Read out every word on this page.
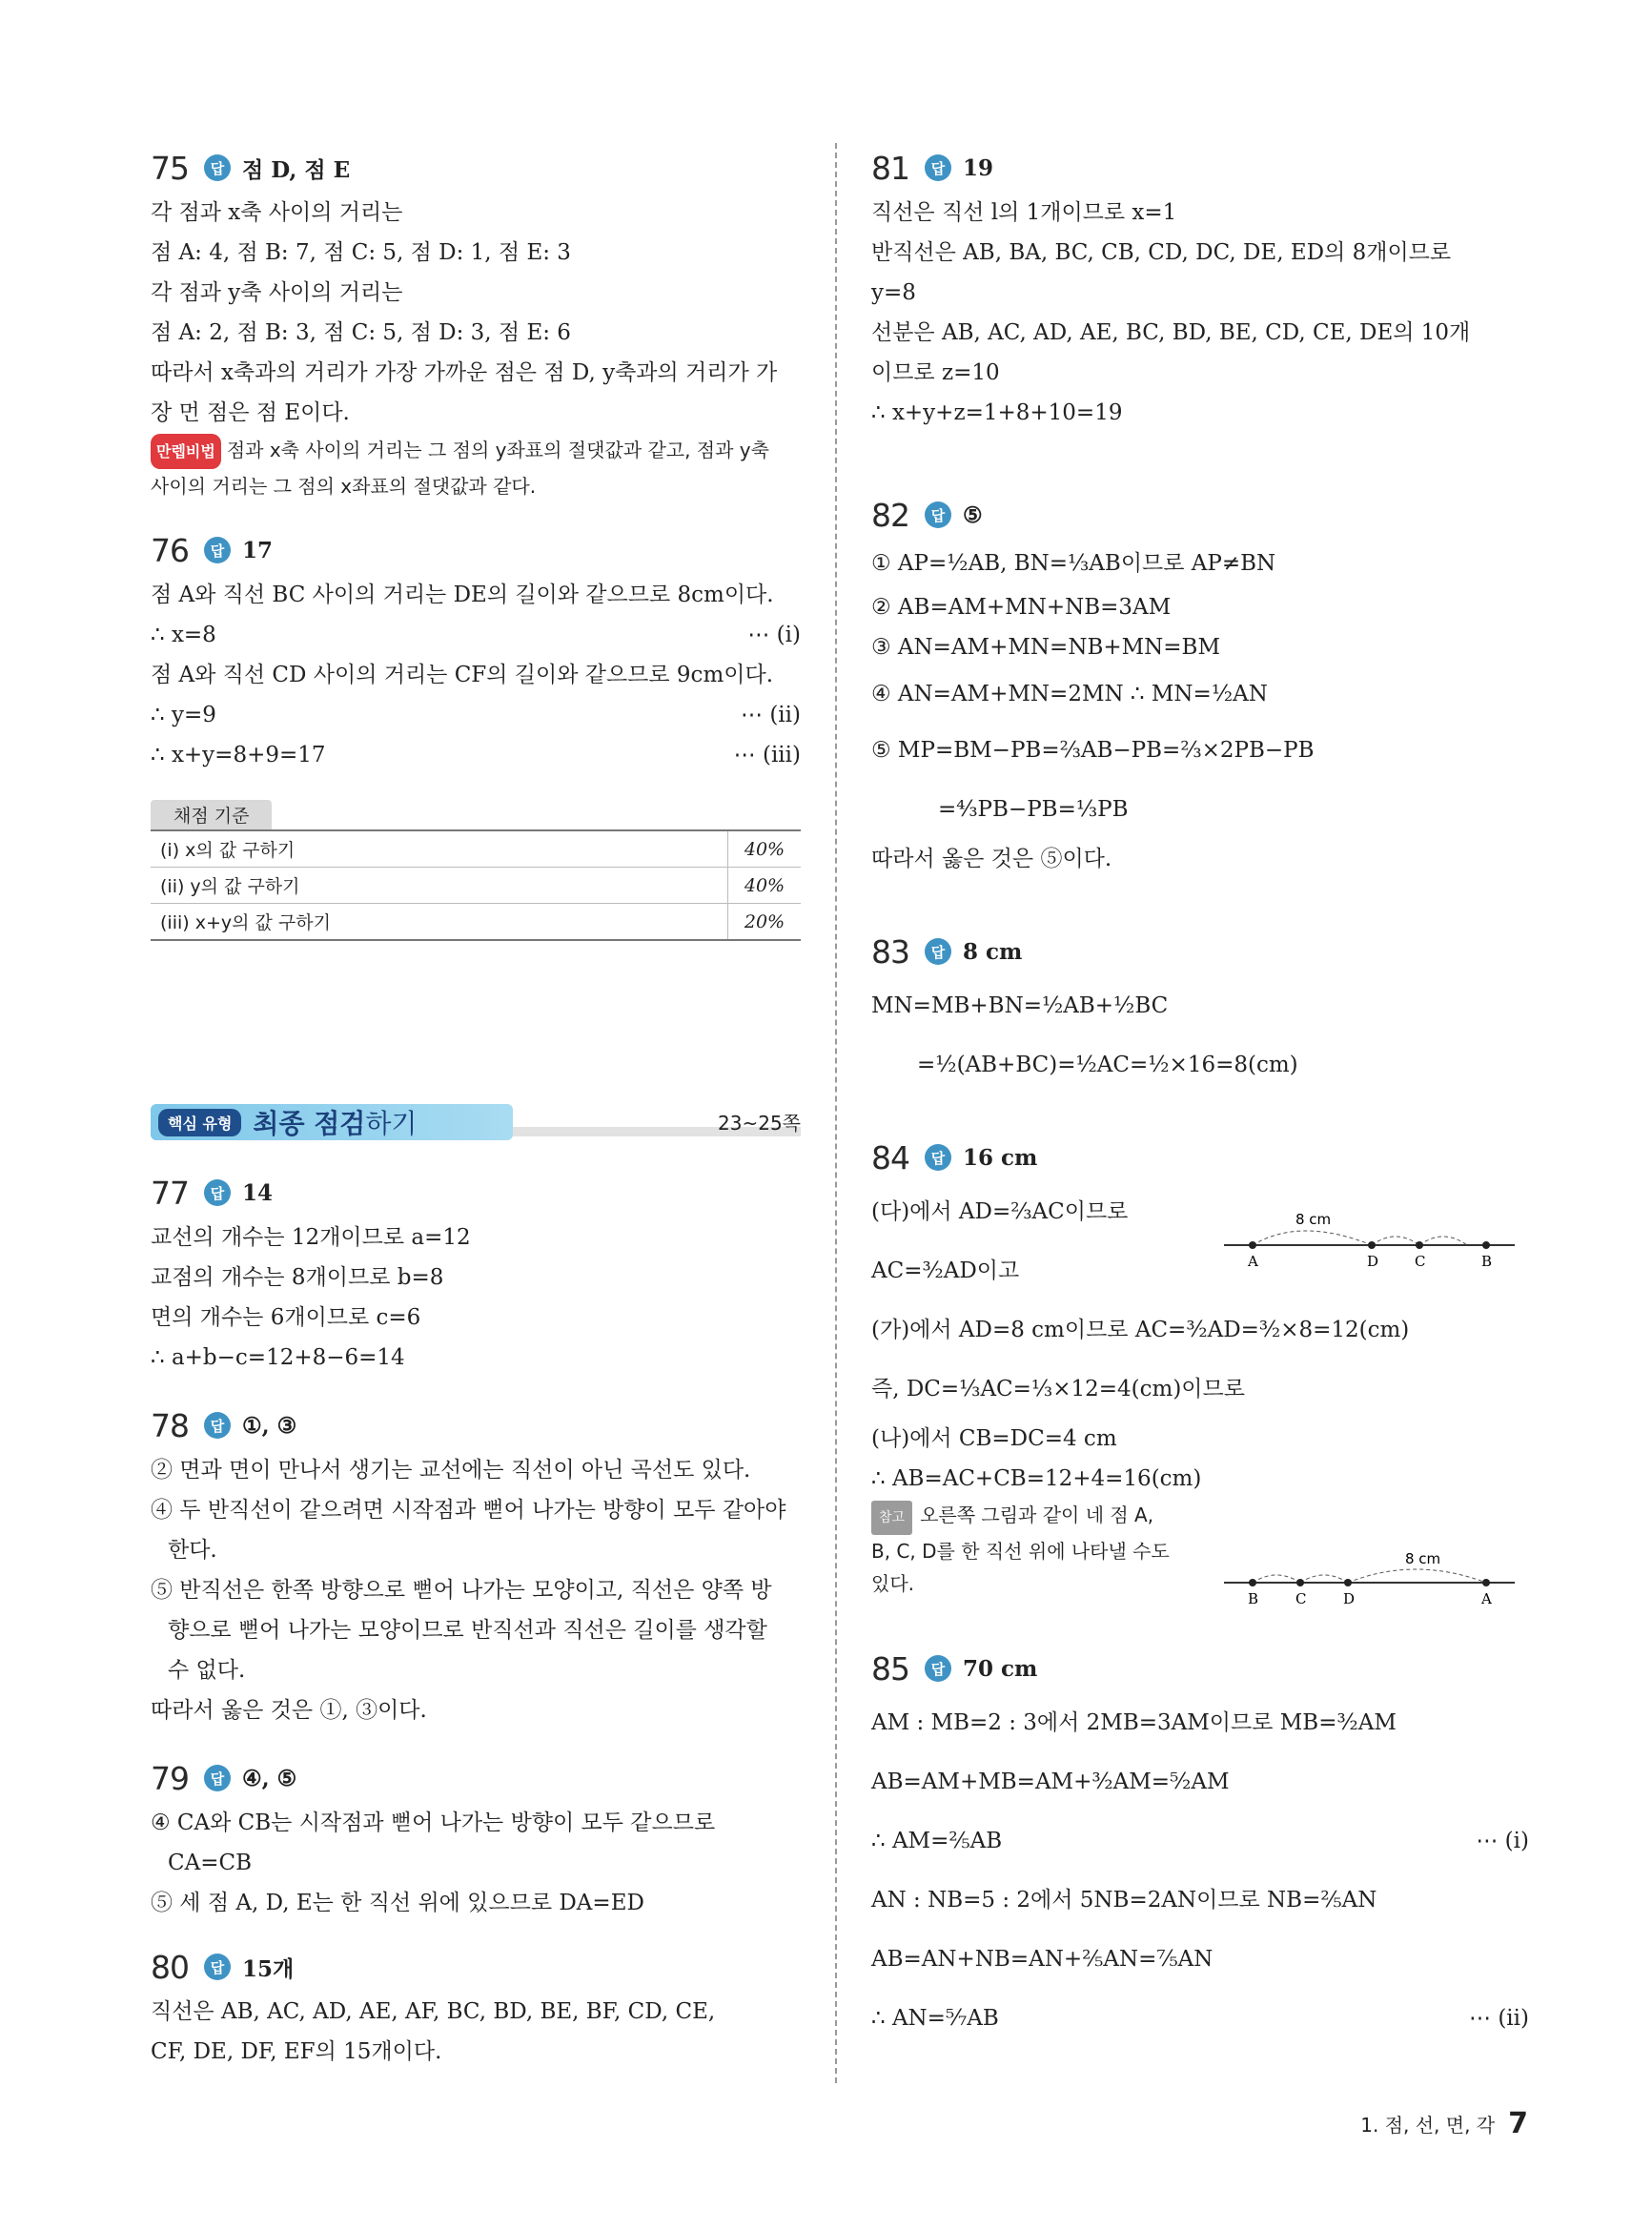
75	답 점 D, 점 E
각 점과 x축 사이의 거리는
점 A: 4, 점 B: 7, 점 C: 5, 점 D: 1, 점 E: 3
각 점과 y축 사이의 거리는
점 A: 2, 점 B: 3, 점 C: 5, 점 D: 3, 점 E: 6
따라서 x축과의 거리가 가장 가까운 점은 점 D, y축과의 거리가 가
장 먼 점은 점 E이다.
만렙비법 점과 x축 사이의 거리는 그 점의 y좌표의 절댓값과 같고, 점과 y축
사이의 거리는 그 점의 x좌표의 절댓값과 같다.
76	답 17
점 A와 직선 BC 사이의 거리는 DE의 길이와 같으므로 8cm이다.
∴ x=8	⋯ (i)
점 A와 직선 CD 사이의 거리는 CF의 길이와 같으므로 9cm이다.
∴ y=9	⋯ (ii)
∴ x+y=8+9=17	⋯ (iii)
채점 기준
(i) x의 값 구하기	40%
(ii) y의 값 구하기	40%
(iii) x+y의 값 구하기	20%
핵심 유형 최종 점검하기	23~25쪽
77	답 14
교선의 개수는 12개이므로 a=12
교점의 개수는 8개이므로 b=8
면의 개수는 6개이므로 c=6
∴ a+b−c=12+8−6=14
78	답 ①, ③
② 면과 면이 만나서 생기는 교선에는 직선이 아닌 곡선도 있다.
④ 두 반직선이 같으려면 시작점과 뻗어 나가는 방향이 모두 같아야
한다.
⑤ 반직선은 한쪽 방향으로 뻗어 나가는 모양이고, 직선은 양쪽 방
향으로 뻗어 나가는 모양이므로 반직선과 직선은 길이를 생각할
수 없다.
따라서 옳은 것은 ①, ③이다.
79	답 ④, ⑤
④ CA와 CB는 시작점과 뻗어 나가는 방향이 모두 같으므로
CA=CB
⑤ 세 점 A, D, E는 한 직선 위에 있으므로 DA=ED
80	답 15개
직선은 AB, AC, AD, AE, AF, BC, BD, BE, BF, CD, CE,
CF, DE, DF, EF의 15개이다.
81	답 19
직선은 직선 l의 1개이므로 x=1
반직선은 AB, BA, BC, CB, CD, DC, DE, ED의 8개이므로
y=8
선분은 AB, AC, AD, AE, BC, BD, BE, CD, CE, DE의 10개
이므로 z=10
∴ x+y+z=1+8+10=19
82	답 ⑤
① AP=½AB, BN=⅓AB이므로 AP≠BN
② AB=AM+MN+NB=3AM
③ AN=AM+MN=NB+MN=BM
④ AN=AM+MN=2MN ∴ MN=½AN
⑤ MP=BM−PB=⅔AB−PB=⅔×2PB−PB
=⁴⁄₃PB−PB=⅓PB
따라서 옳은 것은 ⑤이다.
83	답 8 cm
MN=MB+BN=½AB+½BC
=½(AB+BC)=½AC=½×16=8(cm)
84	답 16 cm
(다)에서 AD=⅔AC이므로
AC=³⁄₂AD이고
(가)에서 AD=8 cm이므로 AC=³⁄₂AD=³⁄₂×8=12(cm)
즉, DC=⅓AC=⅓×12=4(cm)이므로
(나)에서 CB=DC=4 cm
∴ AB=AC+CB=12+4=16(cm)
참고 오른쪽 그림과 같이 네 점 A,
B, C, D를 한 직선 위에 나타낼 수도
있다.
8 cm
A	D	C	B
8 cm
B	C	D	A
85	답 70 cm
AM : MB=2 : 3에서 2MB=3AM이므로 MB=³⁄₂AM
AB=AM+MB=AM+³⁄₂AM=⁵⁄₂AM
∴ AM=⅖AB	⋯ (i)
AN : NB=5 : 2에서 5NB=2AN이므로 NB=⅖AN
AB=AN+NB=AN+⅖AN=⁷⁄₅AN
∴ AN=⁵⁄₇AB	⋯ (ii)
1. 점, 선, 면, 각 7
